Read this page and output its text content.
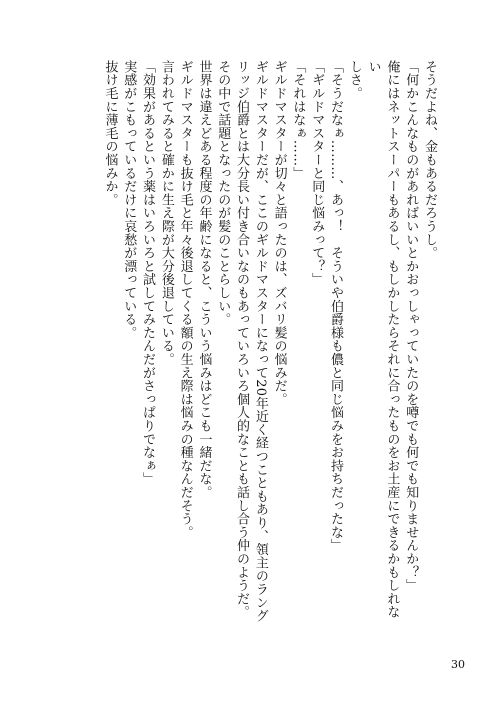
そうだよね、金もあるだろうし。
「何かこんなものがあればいいとかおっしゃっていたのを噂でも何でも知りませんか？」
俺にはネットスーパーもあるし、もしかしたらそれに合ったものをお土産にできるかもしれない
しさ。
「そうだなぁ………、あっ！　そういや伯爵様も儂と同じ悩みをお持ちだったな」
「ギルドマスターと同じ悩みって？」
「それはなぁ……」
ギルドマスターが切々と語ったのは、ズバリ髪の悩みだ。
ギルドマスターだが、ここのギルドマスターになって20年近く経つこともあり、領主のラング
リッジ伯爵とは大分長い付き合いなのもあっていろいろ個人的なことも話し合う仲のようだ。
その中で話題となったのが髪のことらしい。
世界は違えどある程度の年齢になると、こういう悩みはどこも一緒だな。
ギルドマスターも抜け毛と年々後退してくる額の生え際は悩みの種なんだそう。
言われてみると確かに生え際が大分後退している。
「効果があるという薬はいろいろと試してみたんだがさっぱりでなぁ」
実感がこもっているだけに哀愁が漂っている。
抜け毛に薄毛の悩みか。
30
